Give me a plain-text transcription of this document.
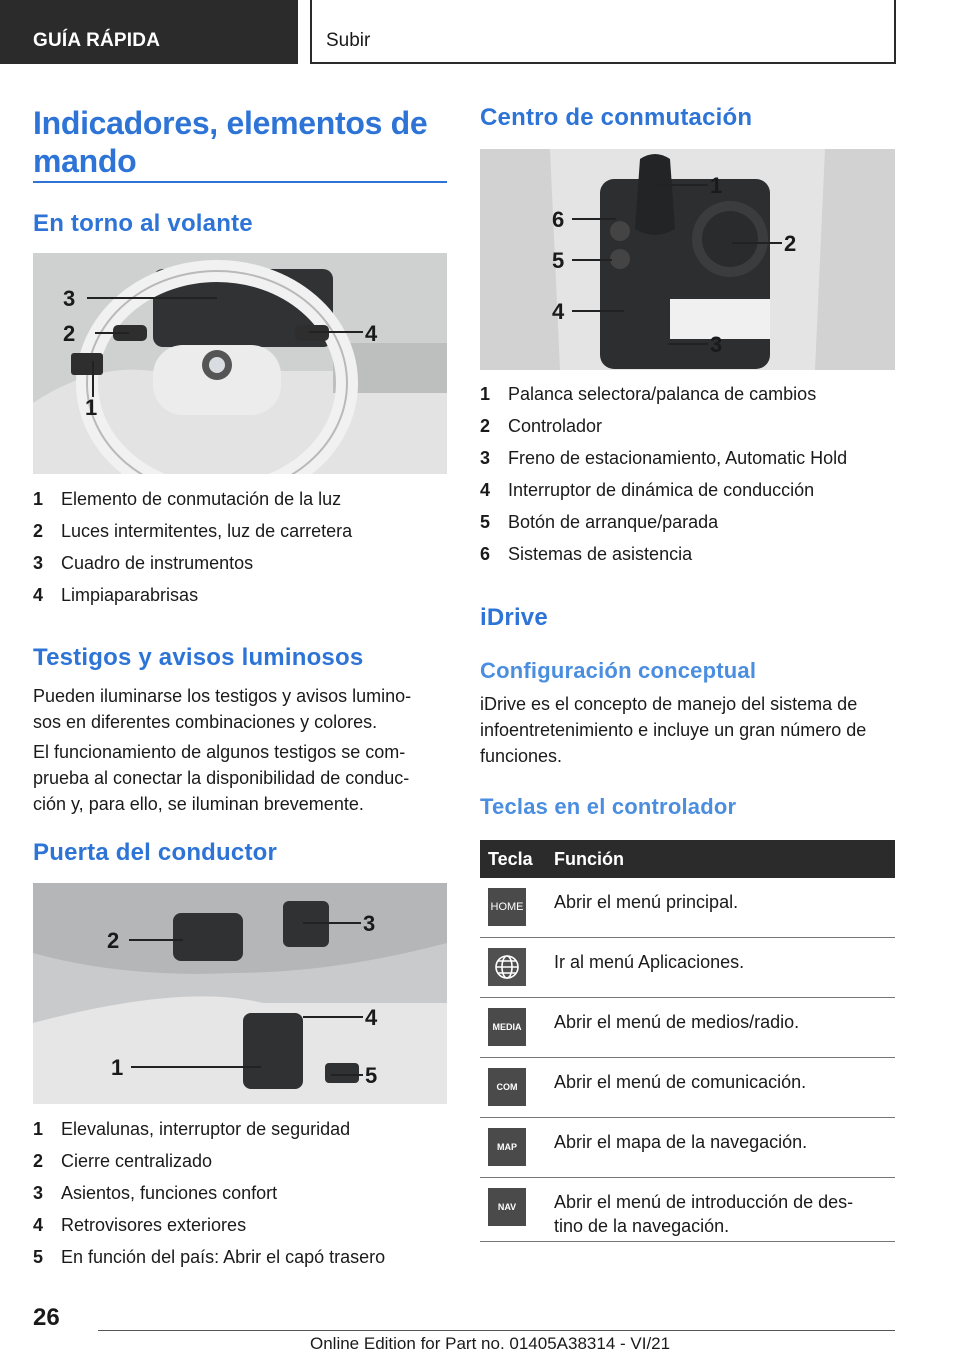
GUÍA RÁPIDA	Subir
Indicadores, elementos de mando
En torno al volante
3
2	4
1
1 Elemento de conmutación de la luz
2 Luces intermitentes, luz de carretera
3 Cuadro de instrumentos
4 Limpiaparabrisas
Testigos y avisos luminosos

Pueden iluminarse los testigos y avisos lumino-
sos en diferentes combinaciones y colores.

El funcionamiento de algunos testigos se com-
prueba al conectar la disponibilidad de conduc-
ción y, para ello, se iluminan brevemente.

Puerta del conductor
2
3
4
1	5
1 Elevalunas, interruptor de seguridad
2 Cierre centralizado
3 Asientos, funciones confort
4 Retrovisores exteriores
5 En función del país: Abrir el capó trasero
Centro de conmutación
1
6
2
5
4
3
1 Palanca selectora/palanca de cambios
2 Controlador
3 Freno de estacionamiento, Automatic Hold
4 Interruptor de dinámica de conducción
5 Botón de arranque/parada
6 Sistemas de asistencia
iDrive
Configuración conceptual

iDrive es el concepto de manejo del sistema de
infoentretenimiento e incluye un gran número de
funciones.

Teclas en el controlador
Tecla Función
HOME Abrir el menú principal.
Ir al menú Aplicaciones.
MEDIA Abrir el menú de medios/radio.
COM	Abrir el menú de comunicación.
MAP	Abrir el mapa de la navegación.
NAV	Abrir el menú de introducción de des-
tino de la navegación.
26
Online Edition for Part no. 01405A38314 - VI/21
